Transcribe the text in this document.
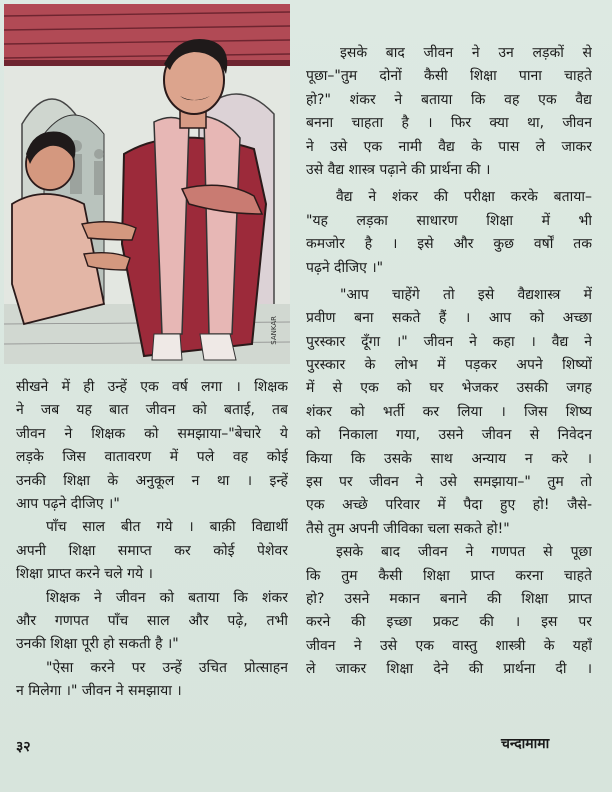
SANKAR

इसके बाद जीवन ने उन लड़कों से
पूछा–"तुम दोनों कैसी शिक्षा पाना चाहते
हो?" शंकर ने बताया कि वह एक वैद्य
बनना चाहता है । फिर क्या था, जीवन
ने उसे एक नामी वैद्य के पास ले जाकर
उसे वैद्य शास्त्र पढ़ाने की प्रार्थना की ।

वैद्य ने शंकर की परीक्षा करके बताया–
"यह लड़का साधारण शिक्षा में भी
कमजोर है । इसे और कुछ वर्षों तक
पढ़ने दीजिए ।"

"आप चाहेंगे तो इसे वैद्यशास्त्र में
प्रवीण बना सकते हैं । आप को अच्छा
पुरस्कार दूँगा ।" जीवन ने कहा । वैद्य ने
पुरस्कार के लोभ में पड़कर अपने शिष्यों
में से एक को घर भेजकर उसकी जगह
शंकर को भर्ती कर लिया । जिस शिष्य
को निकाला गया, उसने जीवन से निवेदन
किया कि उसके साथ अन्याय न करे ।
इस पर जीवन ने उसे समझाया–" तुम तो
एक अच्छे परिवार में पैदा हुए हो! जैसे-
तैसे तुम अपनी जीविका चला सकते हो!"

इसके बाद जीवन ने गणपत से पूछा
कि तुम कैसी शिक्षा प्राप्त करना चाहते
हो? उसने मकान बनाने की शिक्षा प्राप्त
करने की इच्छा प्रकट की । इस पर
जीवन ने उसे एक वास्तु शास्त्री के यहाँ
ले जाकर शिक्षा देने की प्रार्थना दी ।

सीखने में ही उन्हें एक वर्ष लगा । शिक्षक
ने जब यह बात जीवन को बताई, तब
जीवन ने शिक्षक को समझाया–"बेचारे ये
लड़के जिस वातावरण में पले वह कोई
उनकी शिक्षा के अनुकूल न था । इन्हें
आप पढ़ने दीजिए ।"

पाँच साल बीत गये । बाक़ी विद्यार्थी
अपनी शिक्षा समाप्त कर कोई पेशेवर
शिक्षा प्राप्त करने चले गये ।

शिक्षक ने जीवन को बताया कि शंकर
और गणपत पाँच साल और पढ़े, तभी
उनकी शिक्षा पूरी हो सकती है ।"

"ऐसा करने पर उन्हें उचित प्रोत्साहन
न मिलेगा ।" जीवन ने समझाया ।

३२	चन्दामामा
